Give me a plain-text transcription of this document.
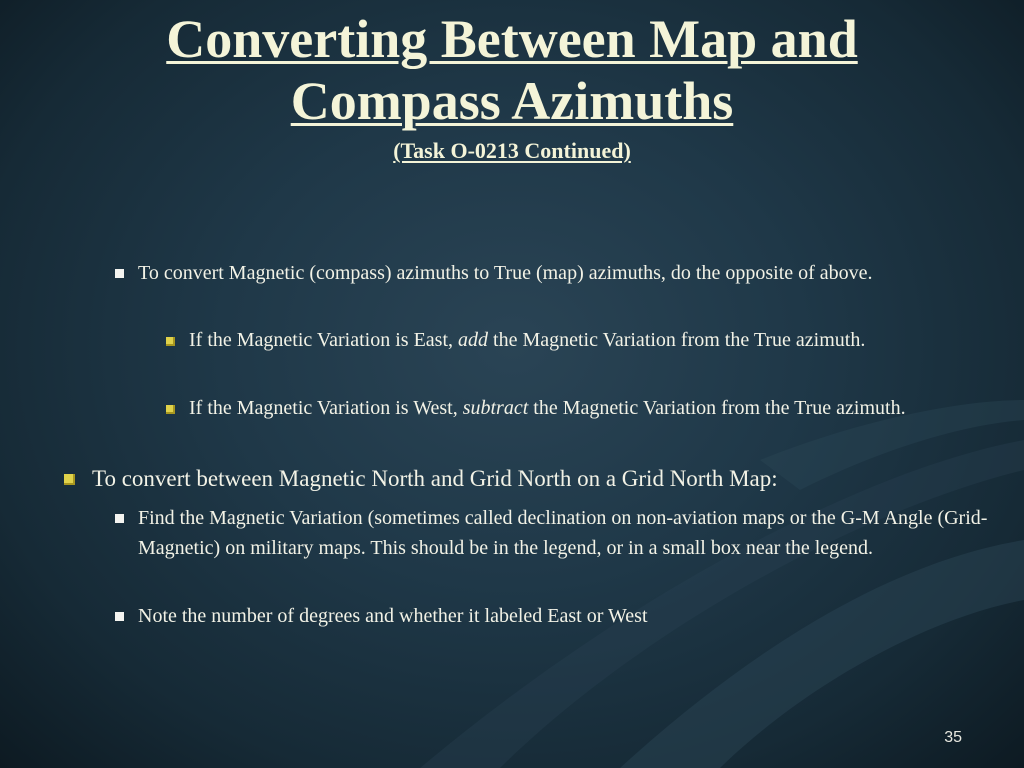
Converting Between Map and
Compass Azimuths
(Task O-0213 Continued)
To convert Magnetic (compass) azimuths to True (map) azimuths, do the opposite of above.
If the Magnetic Variation is East, add the Magnetic Variation from the True azimuth.
If the Magnetic Variation is West, subtract the Magnetic Variation from the True azimuth.
To convert between Magnetic North and Grid North on a Grid North Map:
Find the Magnetic Variation (sometimes called declination on non-aviation maps or the G-M Angle (Grid-Magnetic) on military maps. This should be in the legend, or in a small box near the legend.
Note the number of degrees and whether it labeled East or West
35
